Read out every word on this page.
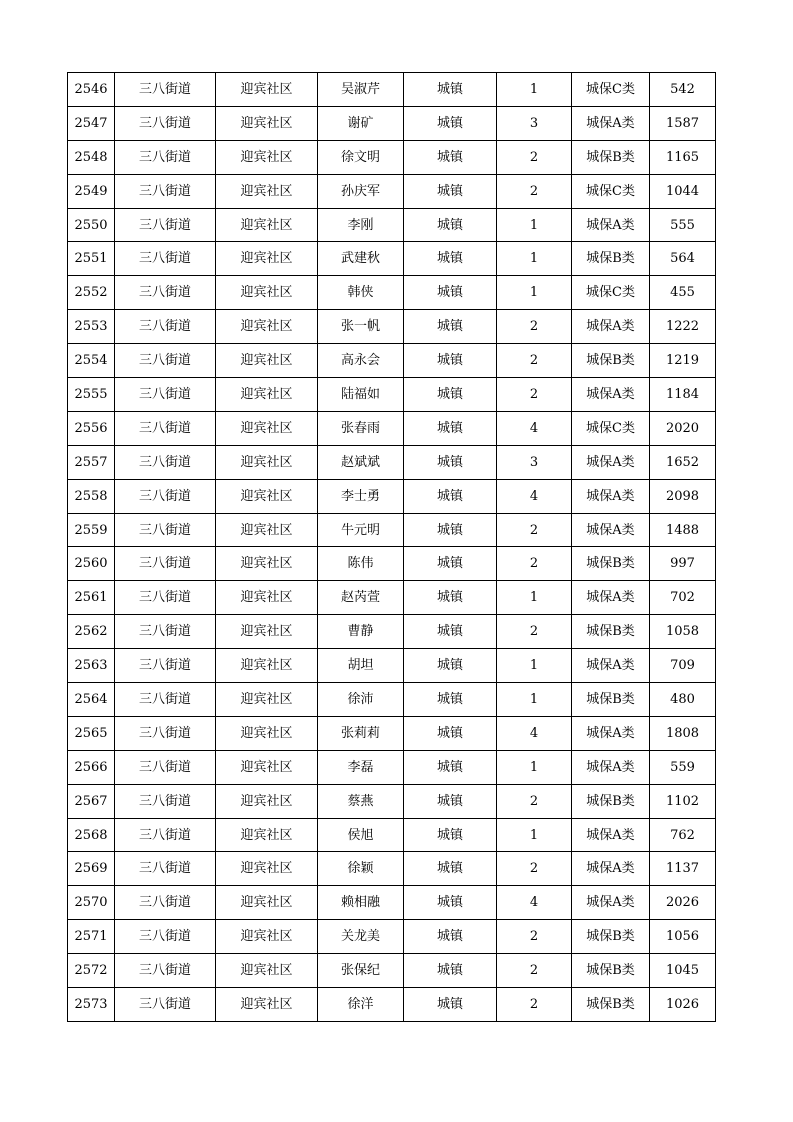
2546	三八街道	迎宾社区	吴淑芹	城镇	1	城保C类	542
2547	三八街道	迎宾社区	谢矿	城镇	3	城保A类	1587
2548	三八街道	迎宾社区	徐文明	城镇	2	城保B类	1165
2549	三八街道	迎宾社区	孙庆军	城镇	2	城保C类	1044
2550	三八街道	迎宾社区	李刚	城镇	1	城保A类	555
2551	三八街道	迎宾社区	武建秋	城镇	1	城保B类	564
2552	三八街道	迎宾社区	韩侠	城镇	1	城保C类	455
2553	三八街道	迎宾社区	张一帆	城镇	2	城保A类	1222
2554	三八街道	迎宾社区	高永会	城镇	2	城保B类	1219
2555	三八街道	迎宾社区	陆福如	城镇	2	城保A类	1184
2556	三八街道	迎宾社区	张春雨	城镇	4	城保C类	2020
2557	三八街道	迎宾社区	赵斌斌	城镇	3	城保A类	1652
2558	三八街道	迎宾社区	李士勇	城镇	4	城保A类	2098
2559	三八街道	迎宾社区	牛元明	城镇	2	城保A类	1488
2560	三八街道	迎宾社区	陈伟	城镇	2	城保B类	997
2561	三八街道	迎宾社区	赵芮萱	城镇	1	城保A类	702
2562	三八街道	迎宾社区	曹静	城镇	2	城保B类	1058
2563	三八街道	迎宾社区	胡坦	城镇	1	城保A类	709
2564	三八街道	迎宾社区	徐沛	城镇	1	城保B类	480
2565	三八街道	迎宾社区	张莉莉	城镇	4	城保A类	1808
2566	三八街道	迎宾社区	李磊	城镇	1	城保A类	559
2567	三八街道	迎宾社区	蔡燕	城镇	2	城保B类	1102
2568	三八街道	迎宾社区	侯旭	城镇	1	城保A类	762
2569	三八街道	迎宾社区	徐颖	城镇	2	城保A类	1137
2570	三八街道	迎宾社区	赖相融	城镇	4	城保A类	2026
2571	三八街道	迎宾社区	关龙美	城镇	2	城保B类	1056
2572	三八街道	迎宾社区	张保纪	城镇	2	城保B类	1045
2573	三八街道	迎宾社区	徐洋	城镇	2	城保B类	1026
